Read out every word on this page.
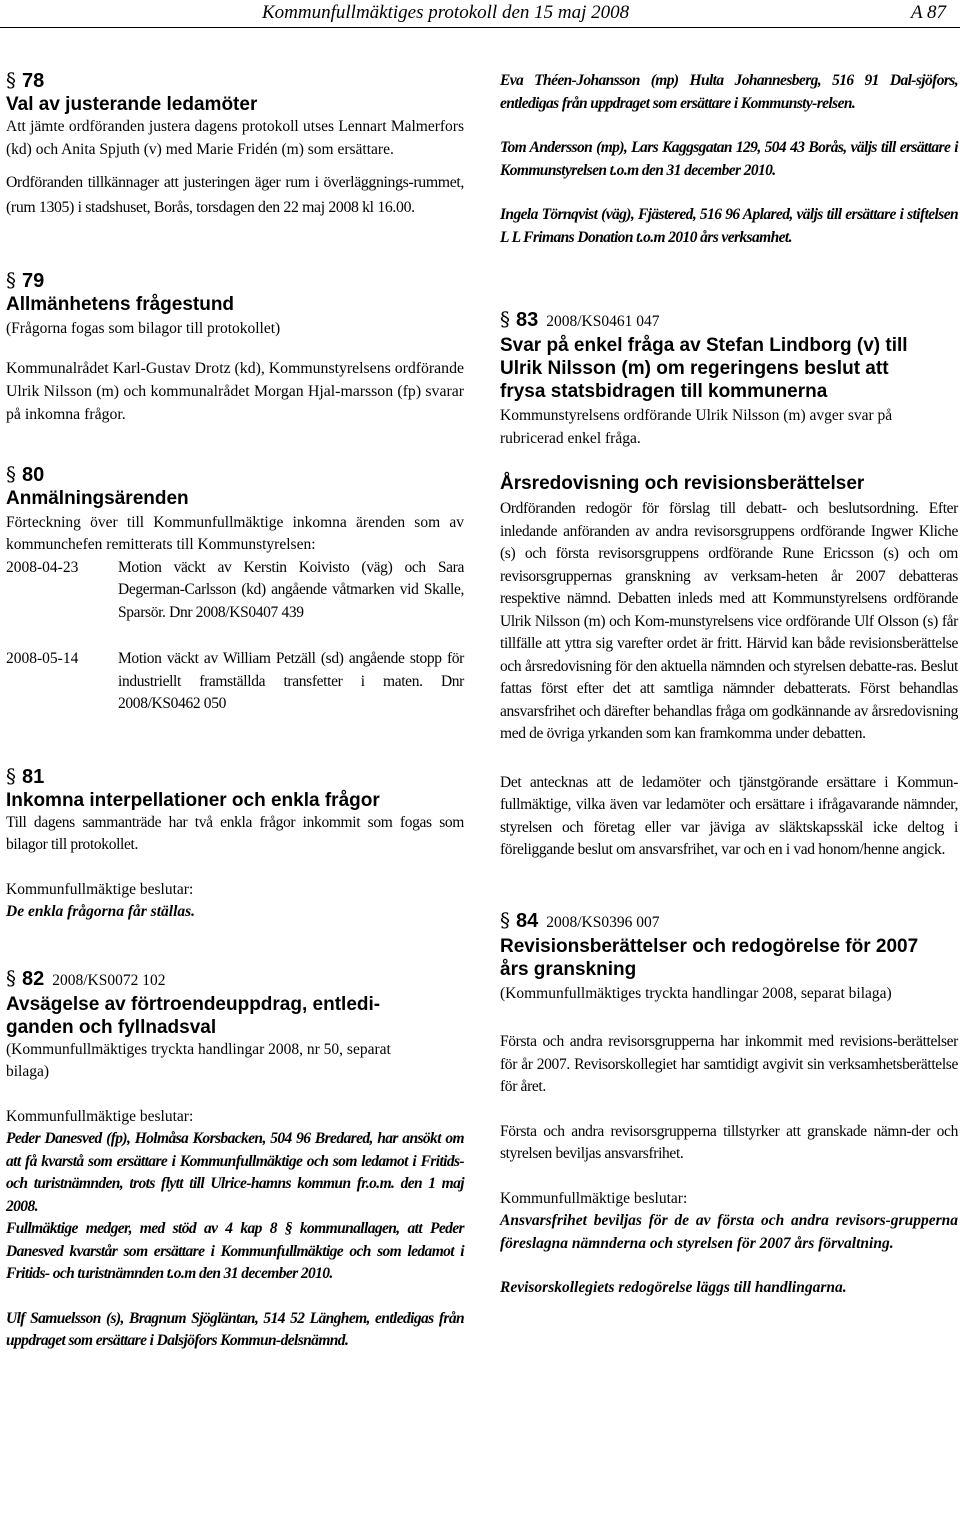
Kommunfullmäktiges protokoll den 15 maj 2008	A 87
§ 78
Val av justerande ledamöter

Att jämte ordföranden justera dagens protokoll utses Lennart Malmerfors (kd) och Anita Spjuth (v) med Marie Fridén (m) som ersättare.

Ordföranden tillkännager att justeringen äger rum i överläggnings-rummet, (rum 1305) i stadshuset, Borås, torsdagen den 22 maj 2008 kl 16.00.

§ 79
Allmänhetens frågestund

(Frågorna fogas som bilagor till protokollet)

Kommunalrådet Karl-Gustav Drotz (kd), Kommunstyrelsens ordförande Ulrik Nilsson (m) och kommunalrådet Morgan Hjal-marsson (fp) svarar på inkomna frågor.

§ 80
Anmälningsärenden

Förteckning över till Kommunfullmäktige inkomna ärenden som av kommunchefen remitterats till Kommunstyrelsen:

2008-04-23	Motion väckt av Kerstin Koivisto (väg) och Sara Degerman-Carlsson (kd) angående våtmarken vid Skalle, Sparsör. Dnr 2008/KS0407 439
2008-05-14	Motion väckt av William Petzäll (sd) angående stopp för industriellt framställda transfetter i maten. Dnr 2008/KS0462 050
§ 81
Inkomna interpellationer och enkla frågor

Till dagens sammanträde har två enkla frågor inkommit som fogas som bilagor till protokollet.

Kommunfullmäktige beslutar:

De enkla frågorna får ställas.

§ 82 2008/KS0072 102
Avsägelse av förtroendeuppdrag, entledi-ganden och fyllnadsval

(Kommunfullmäktiges tryckta handlingar 2008, nr 50, separat bilaga)

Kommunfullmäktige beslutar:

Peder Danesved (fp), Holmåsa Korsbacken, 504 96 Bredared, har ansökt om att få kvarstå som ersättare i Kommunfullmäktige och som ledamot i Fritids- och turistnämnden, trots flytt till Ulrice-hamns kommun fr.o.m. den 1 maj 2008.

Fullmäktige medger, med stöd av 4 kap 8 § kommunallagen, att Peder Danesved kvarstår som ersättare i Kommunfullmäktige och som ledamot i Fritids- och turistnämnden t.o.m den 31 december 2010.

Ulf Samuelsson (s), Bragnum Sjögläntan, 514 52 Länghem, entledigas från uppdraget som ersättare i Dalsjöfors Kommun-delsnämnd.

Eva Théen-Johansson (mp) Hulta Johannesberg, 516 91 Dal-sjöfors, entledigas från uppdraget som ersättare i Kommunsty-relsen.

Tom Andersson (mp), Lars Kaggsgatan 129, 504 43 Borås, väljs till ersättare i Kommunstyrelsen t.o.m den 31 december 2010.

Ingela Törnqvist (väg), Fjästered, 516 96 Aplared, väljs till ersättare i stiftelsen L L Frimans Donation t.o.m 2010 års verksamhet.

§ 83 2008/KS0461 047
Svar på enkel fråga av Stefan Lindborg (v) till Ulrik Nilsson (m) om regeringens beslut att frysa statsbidragen till kommunerna

Kommunstyrelsens ordförande Ulrik Nilsson (m) avger svar på rubricerad enkel fråga.

Årsredovisning och revisionsberättelser

Ordföranden redogör för förslag till debatt- och beslutsordning. Efter inledande anföranden av andra revisorsgruppens ordförande Ingwer Kliche (s) och första revisorsgruppens ordförande Rune Ericsson (s) och om revisorsgruppernas granskning av verksam-heten år 2007 debatteras respektive nämnd. Debatten inleds med att Kommunstyrelsens ordförande Ulrik Nilsson (m) och Kom-munstyrelsens vice ordförande Ulf Olsson (s) får tillfälle att yttra sig varefter ordet är fritt. Härvid kan både revisionsberättelse och årsredovisning för den aktuella nämnden och styrelsen debatte-ras. Beslut fattas först efter det att samtliga nämnder debatterats. Först behandlas ansvarsfrihet och därefter behandlas fråga om godkännande av årsredovisning med de övriga yrkanden som kan framkomma under debatten.

Det antecknas att de ledamöter och tjänstgörande ersättare i Kommun-fullmäktige, vilka även var ledamöter och ersättare i ifrågavarande nämnder, styrelsen och företag eller var jäviga av släktskapsskäl icke deltog i föreliggande beslut om ansvarsfrihet, var och en i vad honom/henne angick.

§ 84 2008/KS0396 007
Revisionsberättelser och redogörelse för 2007 års granskning

(Kommunfullmäktiges tryckta handlingar 2008, separat bilaga)

Första och andra revisorsgrupperna har inkommit med revisions-berättelser för år 2007. Revisorskollegiet har samtidigt avgivit sin verksamhetsberättelse för året.

Första och andra revisorsgrupperna tillstyrker att granskade nämn-der och styrelsen beviljas ansvarsfrihet.

Kommunfullmäktige beslutar:

Ansvarsfrihet beviljas för de av första och andra revisors-grupperna föreslagna nämnderna och styrelsen för 2007 års förvaltning.

Revisorskollegiets redogörelse läggs till handlingarna.
